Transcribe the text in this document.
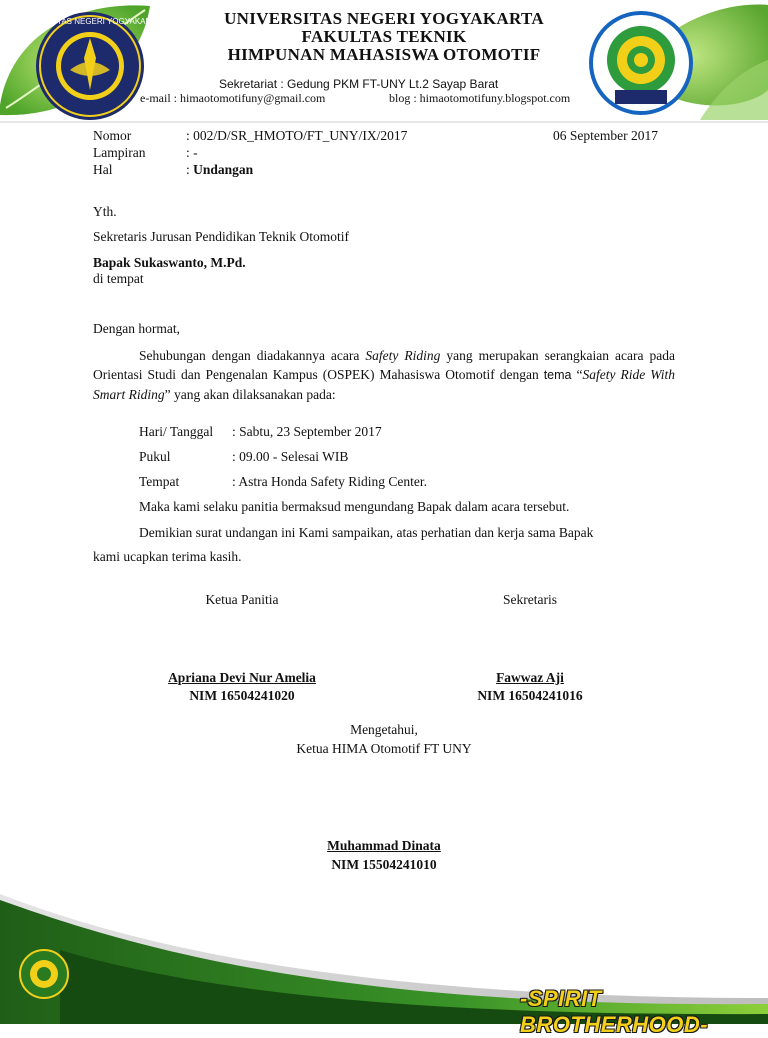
UNIVERSITAS NEGERI YOGYAKARTA	UNIVERSITAS NEGERI YOGYAKARTA
FAKULTAS TEKNIK
HIMPUNAN MAHASISWA OTOMOTIF
Sekretariat : Gedung PKM FT-UNY Lt.2 Sayap Barat
e-mail : himaotomotifuny@gmail.com	blog : himaotomotifuny.blogspot.com
Nomor	: 002/D/SR_HMOTO/FT_UNY/IX/2017	06 September 2017
Lampiran	: -
Hal	: Undangan
Yth.
Sekretaris Jurusan Pendidikan Teknik Otomotif
Bapak Sukaswanto, M.Pd.
di tempat
Dengan hormat,
Sehubungan dengan diadakannya acara Safety Riding yang merupakan serangkaian acara pada Orientasi Studi dan Pengenalan Kampus (OSPEK) Mahasiswa Otomotif dengan tema “Safety Ride With Smart Riding” yang akan dilaksanakan pada:
Hari/ Tanggal : Sabtu, 23 September 2017
Pukul	: 09.00 - Selesai WIB
Tempat	: Astra Honda Safety Riding Center.
Maka kami selaku panitia bermaksud mengundang Bapak dalam acara tersebut.
Demikian surat undangan ini Kami sampaikan, atas perhatian dan kerja sama Bapak
kami ucapkan terima kasih.
Ketua Panitia	Sekretaris
Apriana Devi Nur Amelia
NIM 16504241020
Fawwaz Aji
NIM 16504241016
Mengetahui,
Ketua HIMA Otomotif FT UNY
Muhammad Dinata
NIM 15504241010
-SPIRIT BROTHERHOOD-
